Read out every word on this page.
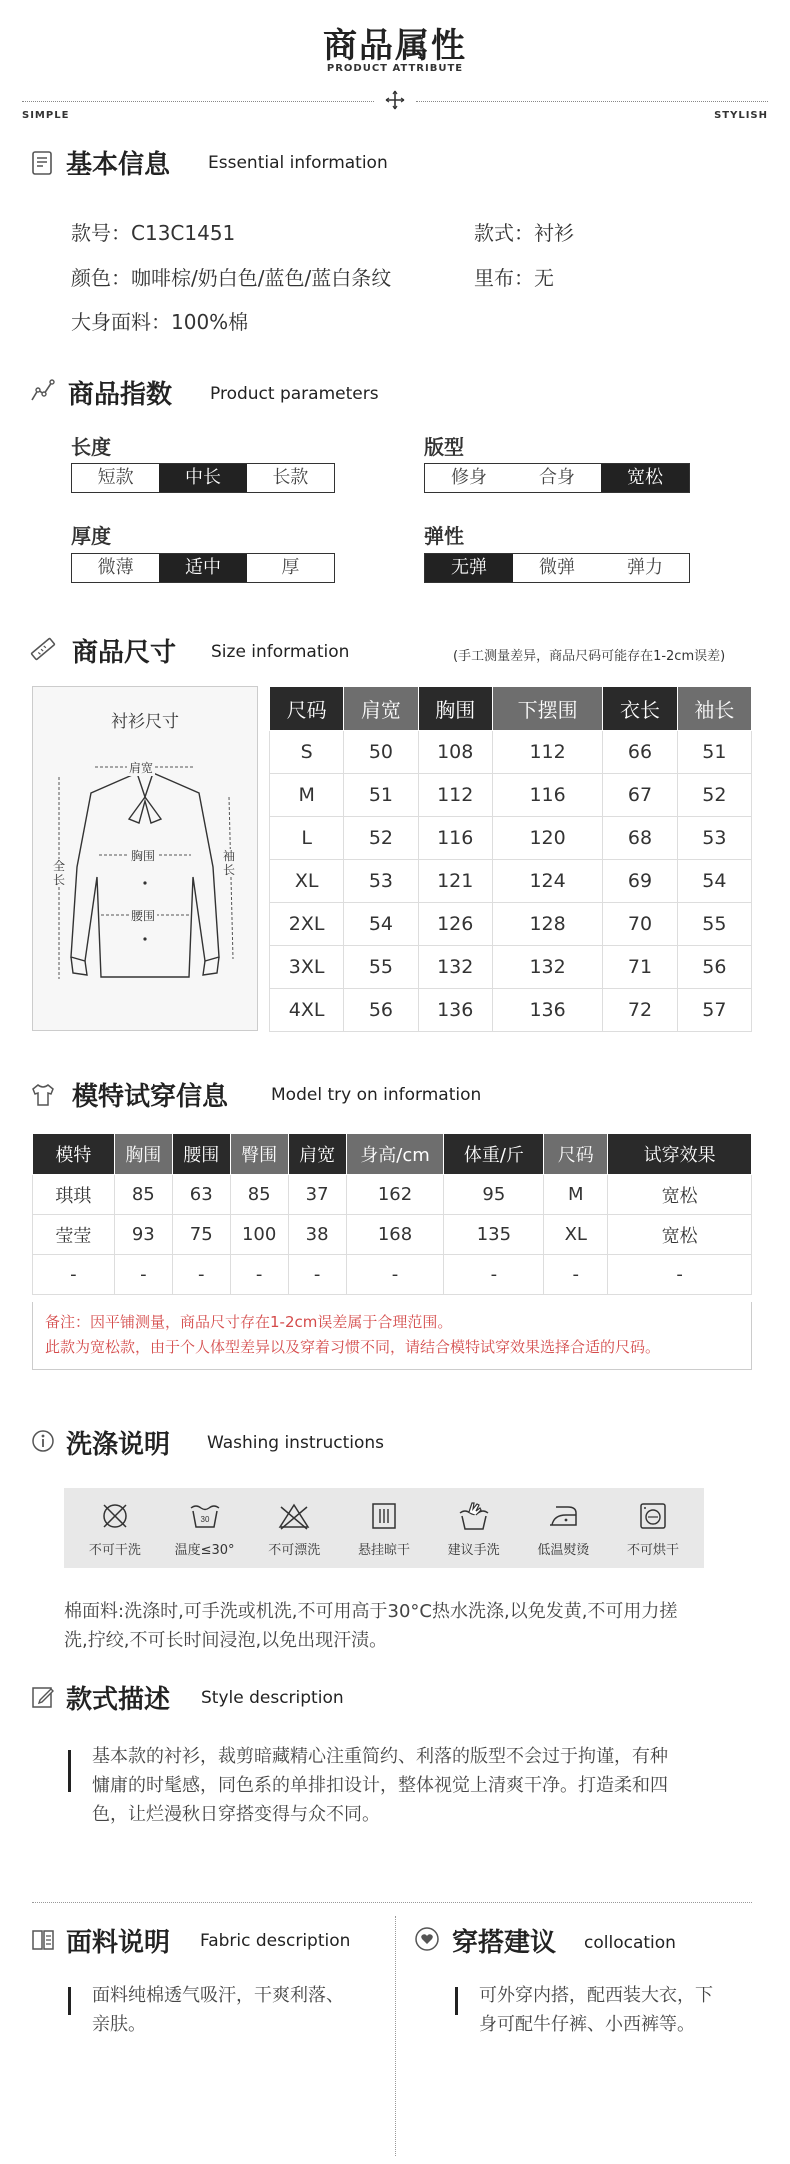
商品属性
PRODUCT ATTRIBUTE
SIMPLE	STYLISH
基本信息 Essential information
款号：C13C1451	款式：衬衫
颜色：咖啡棕/奶白色/蓝色/蓝白条纹	里布：无
大身面料：100%棉
商品指数 Product parameters
长度
短款	中长	长款
版型
修身	合身	宽松
厚度
微薄	适中	厚
弹性
无弹	微弹	弹力
商品尺寸 Size information	(手工测量差异，商品尺码可能存在1-2cm误差)
衬衫尺寸
肩宽
胸围
腰围
全长
袖长
尺码	肩宽	胸围	下摆围	衣长	袖长
S	50	108	112	66	51
M	51	112	116	67	52
L	52	116	120	68	53
XL	53	121	124	69	54
2XL	54	126	128	70	55
3XL	55	132	132	71	56
4XL	56	136	136	72	57
模特试穿信息	Model try on information
模特	胸围	腰围	臀围	肩宽	身高/cm	体重/斤	尺码	试穿效果
琪琪	85	63	85	37	162	95	M	宽松
莹莹	93	75	100	38	168	135	XL	宽松
-	-	-	-	-	-	-	-	-
备注：因平铺测量，商品尺寸存在1-2cm误差属于合理范围。
此款为宽松款，由于个人体型差异以及穿着习惯不同，请结合模特试穿效果选择合适的尺码。
洗涤说明 Washing instructions
不可干洗
30
温度≤30°	不可漂洗	悬挂晾干	建议手洗	低温熨烫	不可烘干
棉面料:洗涤时,可手洗或机洗,不可用高于30°C热水洗涤,以免发黄,不可用力搓
洗,拧绞,不可长时间浸泡,以免出现汗渍。
款式描述 Style description
基本款的衬衫，裁剪暗藏精心注重简约、利落的版型不会过于拘谨，有种
慵庸的时髦感，同色系的单排扣设计，整体视觉上清爽干净。打造柔和四
色，让烂漫秋日穿搭变得与众不同。
面料说明 Fabric description
面料纯棉透气吸汗，干爽利落、
亲肤。
穿搭建议 collocation
可外穿内搭，配西装大衣，下
身可配牛仔裤、小西裤等。
